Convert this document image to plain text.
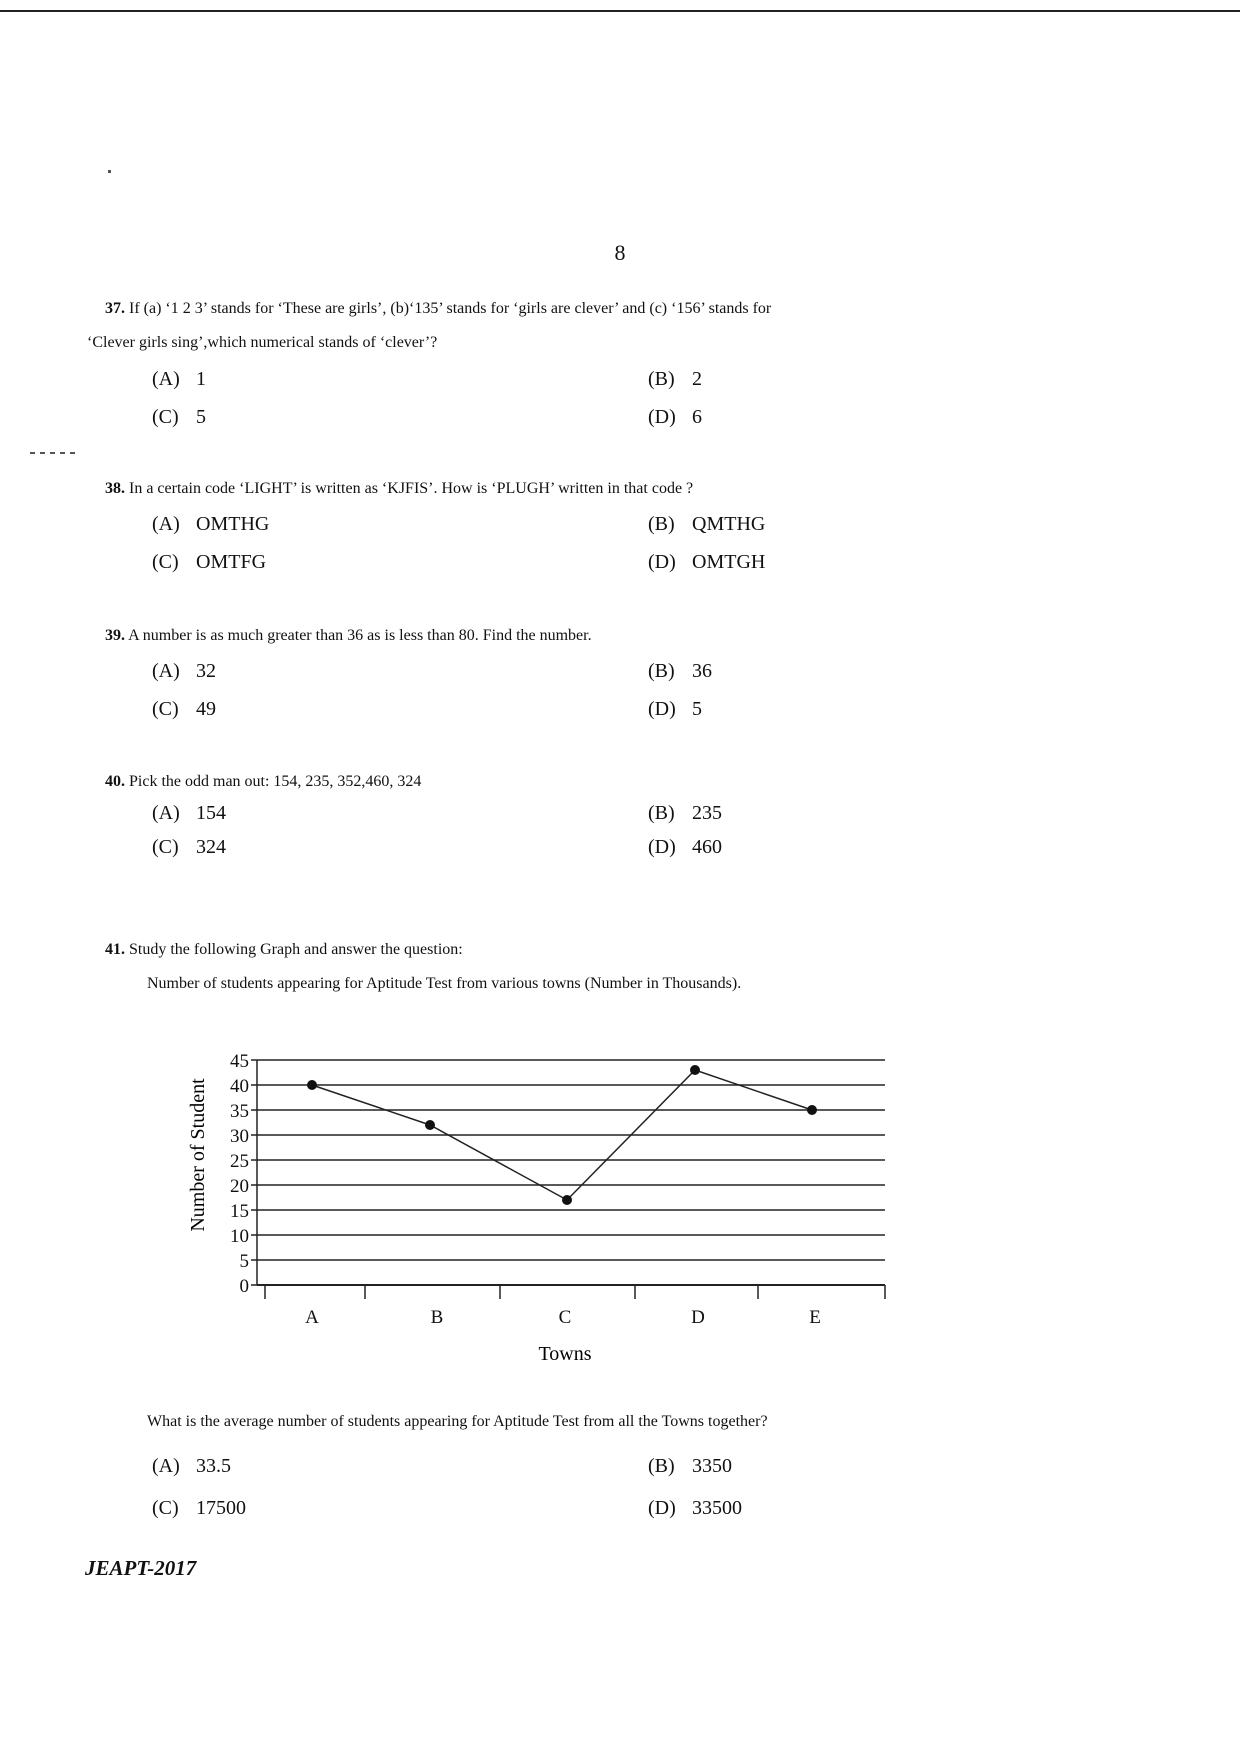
8
37. If (a) ‘1 2 3’ stands for ‘These are girls’, (b)‘135’ stands for ‘girls are clever’ and (c) ‘156’ stands for
‘Clever girls sing’,which numerical stands of ‘clever’?
(A) 1	(B) 2
(C) 5	(D) 6
38. In a certain code ‘LIGHT’ is written as ‘KJFIS’. How is ‘PLUGH’ written in that code ?
(A) OMTHG	(B) QMTHG
(C) OMTFG	(D) OMTGH
39. A number is as much greater than 36 as is less than 80. Find the number.
(A) 32	(B) 36
(C) 49	(D) 5
40. Pick the odd man out: 154, 235, 352,460, 324
(A) 154	(B) 235
(C) 324	(D) 460
41. Study the following Graph and answer the question:
Number of students appearing for Aptitude Test from various towns (Number in Thousands).
0
5
10
15
20
25
30
35
40
45
A	B	C	D	E
Number of Student
Towns
What is the average number of students appearing for Aptitude Test from all the Towns together?
(A) 33.5	(B) 3350
(C) 17500	(D) 33500
JEAPT-2017
